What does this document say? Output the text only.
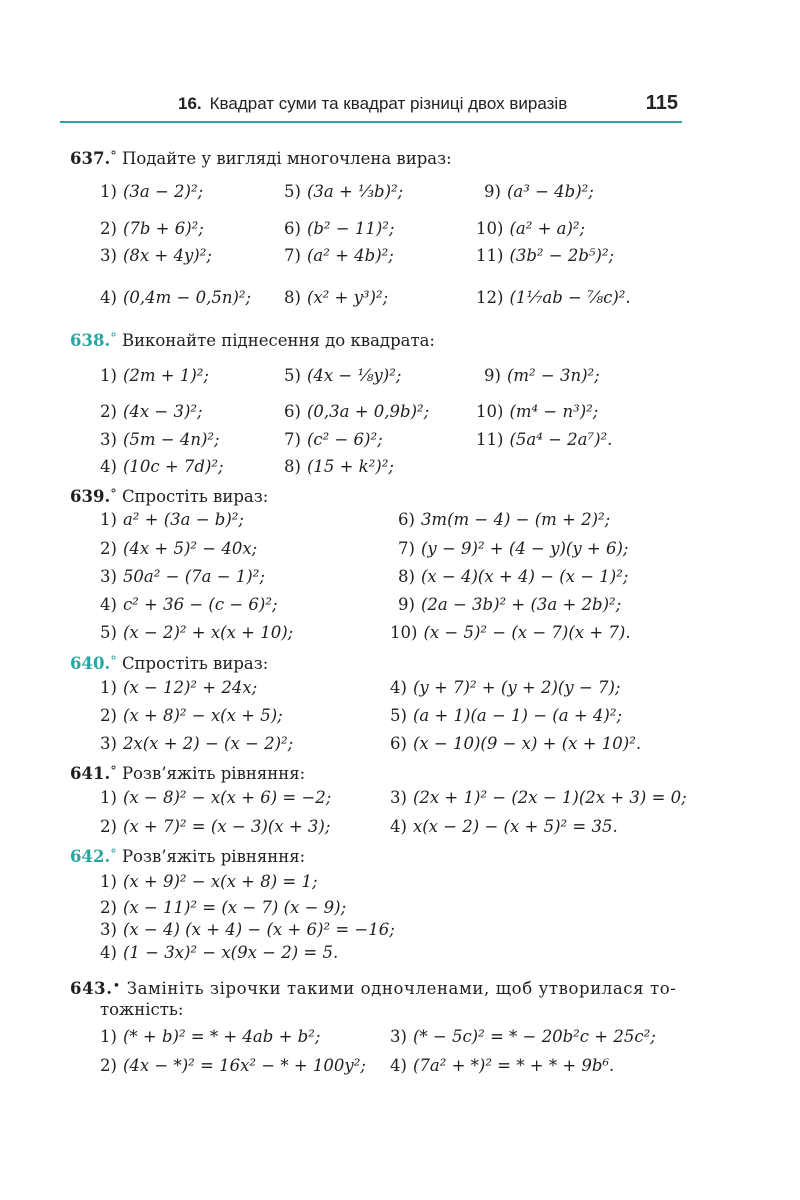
16. Квадрат суми та квадрат різниці двох виразів	115
637.° Подайте у вигляді многочлена вираз:
1) (3a − 2)²;	5) (3a + ⅓b)²;	9) (a³ − 4b)²;
2) (7b + 6)²;	6) (b² − 11)²;	10) (a² + a)²;
3) (8x + 4y)²;	7) (a² + 4b)²;	11) (3b² − 2b⁵)²;
4) (0,4m − 0,5n)²; 8) (x² + y³)²;	12) (1⅐ab − ⅞c)².
638.° Виконайте піднесення до квадрата:
1) (2m + 1)²;	5) (4x − ⅛y)²;	9) (m² − 3n)²;
2) (4x − 3)²;	6) (0,3a + 0,9b)²;	10) (m⁴ − n³)²;
3) (5m − 4n)²;	7) (c² − 6)²;	11) (5a⁴ − 2a⁷)².
4) (10c + 7d)²;	8) (15 + k²)²;
639.° Спростіть вираз:
1) a² + (3a − b)²;	6) 3m(m − 4) − (m + 2)²;
2) (4x + 5)² − 40x;	7) (y − 9)² + (4 − y)(y + 6);
3) 50a² − (7a − 1)²;	8) (x − 4)(x + 4) − (x − 1)²;
4) c² + 36 − (c − 6)²;	9) (2a − 3b)² + (3a + 2b)²;
5) (x − 2)² + x(x + 10);	10) (x − 5)² − (x − 7)(x + 7).
640.° Спростіть вираз:
1) (x − 12)² + 24x;	4) (y + 7)² + (y + 2)(y − 7);
2) (x + 8)² − x(x + 5);	5) (a + 1)(a − 1) − (a + 4)²;
3) 2x(x + 2) − (x − 2)²;	6) (x − 10)(9 − x) + (x + 10)².
641.° Розв’яжіть рівняння:
1) (x − 8)² − x(x + 6) = −2;	3) (2x + 1)² − (2x − 1)(2x + 3) = 0;
2) (x + 7)² = (x − 3)(x + 3);	4) x(x − 2) − (x + 5)² = 35.
642.° Розв’яжіть рівняння:
1) (x + 9)² − x(x + 8) = 1;
2) (x − 11)² = (x − 7) (x − 9);
3) (x − 4) (x + 4) − (x + 6)² = −16;
4) (1 − 3x)² − x(9x − 2) = 5.
643.• Замініть зірочки такими одночленами, щоб утворилася то-
тожність:
1) (* + b)² = * + 4ab + b²;	3) (* − 5c)² = * − 20b²c + 25c²;
2) (4x − *)² = 16x² − * + 100y²; 4) (7a² + *)² = * + * + 9b⁶.
